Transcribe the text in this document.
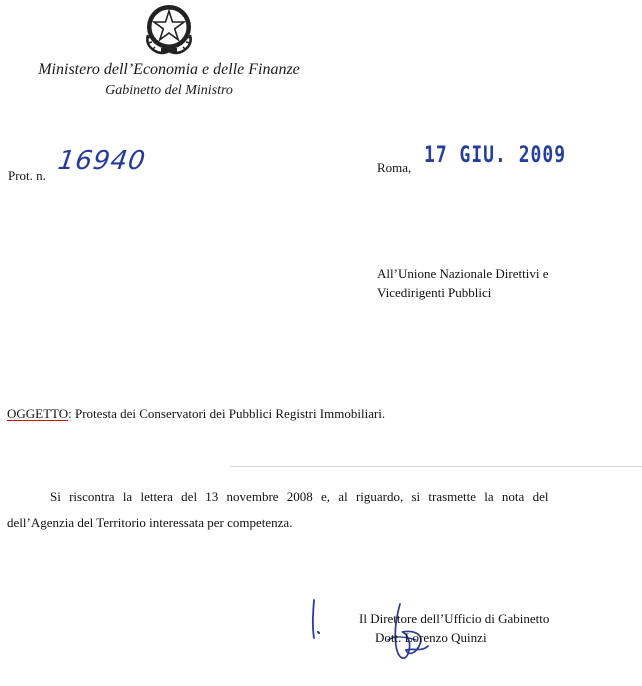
Ministero dell’Economia e delle Finanze
Gabinetto del Ministro
Prot. n. 16940	Roma, 17 GIU. 2009
All’Unione Nazionale Direttivi e
Vicedirigenti Pubblici
OGGETTO: Protesta dei Conservatori dei Pubblici Registri Immobiliari.
Si riscontra la lettera del 13 novembre 2008 e, al riguardo, si trasmette la nota del
dell’Agenzia del Territorio interessata per competenza.
Il Direttore dell’Ufficio di Gabinetto
Dott. Lorenzo Quinzi
